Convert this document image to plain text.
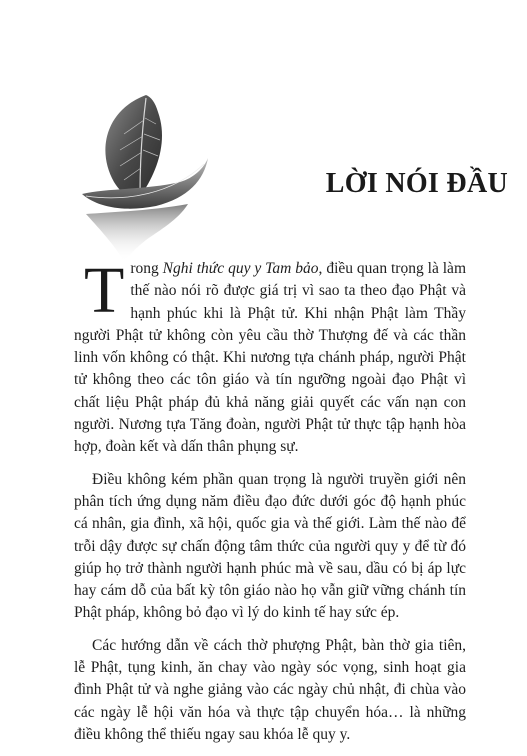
LỜI NÓI ĐẦU

Trong Nghi thức quy y Tam bảo, điều quan trọng là làm thế nào nói rõ được giá trị vì sao ta theo đạo Phật và hạnh phúc khi là Phật tử. Khi nhận Phật làm Thầy người Phật tử không còn yêu cầu thờ Thượng đế và các thần linh vốn không có thật. Khi nương tựa chánh pháp, người Phật tử không theo các tôn giáo và tín ngưỡng ngoài đạo Phật vì chất liệu Phật pháp đủ khả năng giải quyết các vấn nạn con người. Nương tựa Tăng đoàn, người Phật tử thực tập hạnh hòa hợp, đoàn kết và dấn thân phụng sự.

Điều không kém phần quan trọng là người truyền giới nên phân tích ứng dụng năm điều đạo đức dưới góc độ hạnh phúc cá nhân, gia đình, xã hội, quốc gia và thế giới. Làm thế nào để trỗi dậy được sự chấn động tâm thức của người quy y để từ đó giúp họ trở thành người hạnh phúc mà về sau, dầu có bị áp lực hay cám dỗ của bất kỳ tôn giáo nào họ vẫn giữ vững chánh tín Phật pháp, không bỏ đạo vì lý do kinh tế hay sức ép.

Các hướng dẫn về cách thờ phượng Phật, bàn thờ gia tiên, lễ Phật, tụng kinh, ăn chay vào ngày sóc vọng, sinh hoạt gia đình Phật tử và nghe giảng vào các ngày chủ nhật, đi chùa vào các ngày lễ hội văn hóa và thực tập chuyển hóa… là những điều không thể thiếu ngay sau khóa lễ quy y.
